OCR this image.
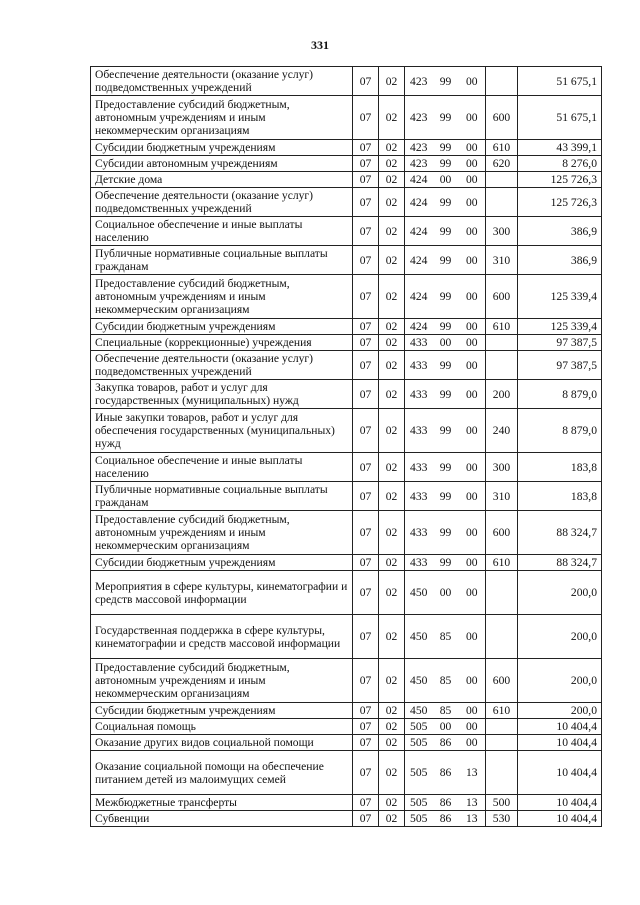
331
Обеспечение деятельности (оказание услуг) подведомственных учреждений	07	02	423	99	00		51 675,1
Предоставление субсидий бюджетным, автономным учреждениям и иным некоммерческим организациям	07	02	423	99	00	600	51 675,1
Субсидии бюджетным учреждениям	07	02	423	99	00	610	43 399,1
Субсидии автономным учреждениям	07	02	423	99	00	620	8 276,0
Детские дома	07	02	424	00	00		125 726,3
Обеспечение деятельности (оказание услуг) подведомственных учреждений	07	02	424	99	00		125 726,3
Социальное обеспечение и иные выплаты населению	07	02	424	99	00	300	386,9
Публичные нормативные социальные выплаты гражданам	07	02	424	99	00	310	386,9
Предоставление субсидий бюджетным, автономным учреждениям и иным некоммерческим организациям	07	02	424	99	00	600	125 339,4
Субсидии бюджетным учреждениям	07	02	424	99	00	610	125 339,4
Специальные (коррекционные) учреждения	07	02	433	00	00		97 387,5
Обеспечение деятельности (оказание услуг) подведомственных учреждений	07	02	433	99	00		97 387,5
Закупка товаров, работ и услуг для государственных (муниципальных) нужд	07	02	433	99	00	200	8 879,0
Иные закупки товаров, работ и услуг для обеспечения государственных (муниципальных) нужд	07	02	433	99	00	240	8 879,0
Социальное обеспечение и иные выплаты населению	07	02	433	99	00	300	183,8
Публичные нормативные социальные выплаты гражданам	07	02	433	99	00	310	183,8
Предоставление субсидий бюджетным, автономным учреждениям и иным некоммерческим организациям	07	02	433	99	00	600	88 324,7
Субсидии бюджетным учреждениям	07	02	433	99	00	610	88 324,7
Мероприятия в сфере культуры, кинематографии и средств массовой информации	07	02	450	00	00		200,0
Государственная поддержка в сфере культуры, кинематографии и средств массовой информации	07	02	450	85	00		200,0
Предоставление субсидий бюджетным, автономным учреждениям и иным некоммерческим организациям	07	02	450	85	00	600	200,0
Субсидии бюджетным учреждениям	07	02	450	85	00	610	200,0
Социальная помощь	07	02	505	00	00		10 404,4
Оказание других видов социальной помощи	07	02	505	86	00		10 404,4
Оказание социальной помощи на обеспечение питанием детей из малоимущих семей	07	02	505	86	13		10 404,4
Межбюджетные трансферты	07	02	505	86	13	500	10 404,4
Субвенции	07	02	505	86	13	530	10 404,4
